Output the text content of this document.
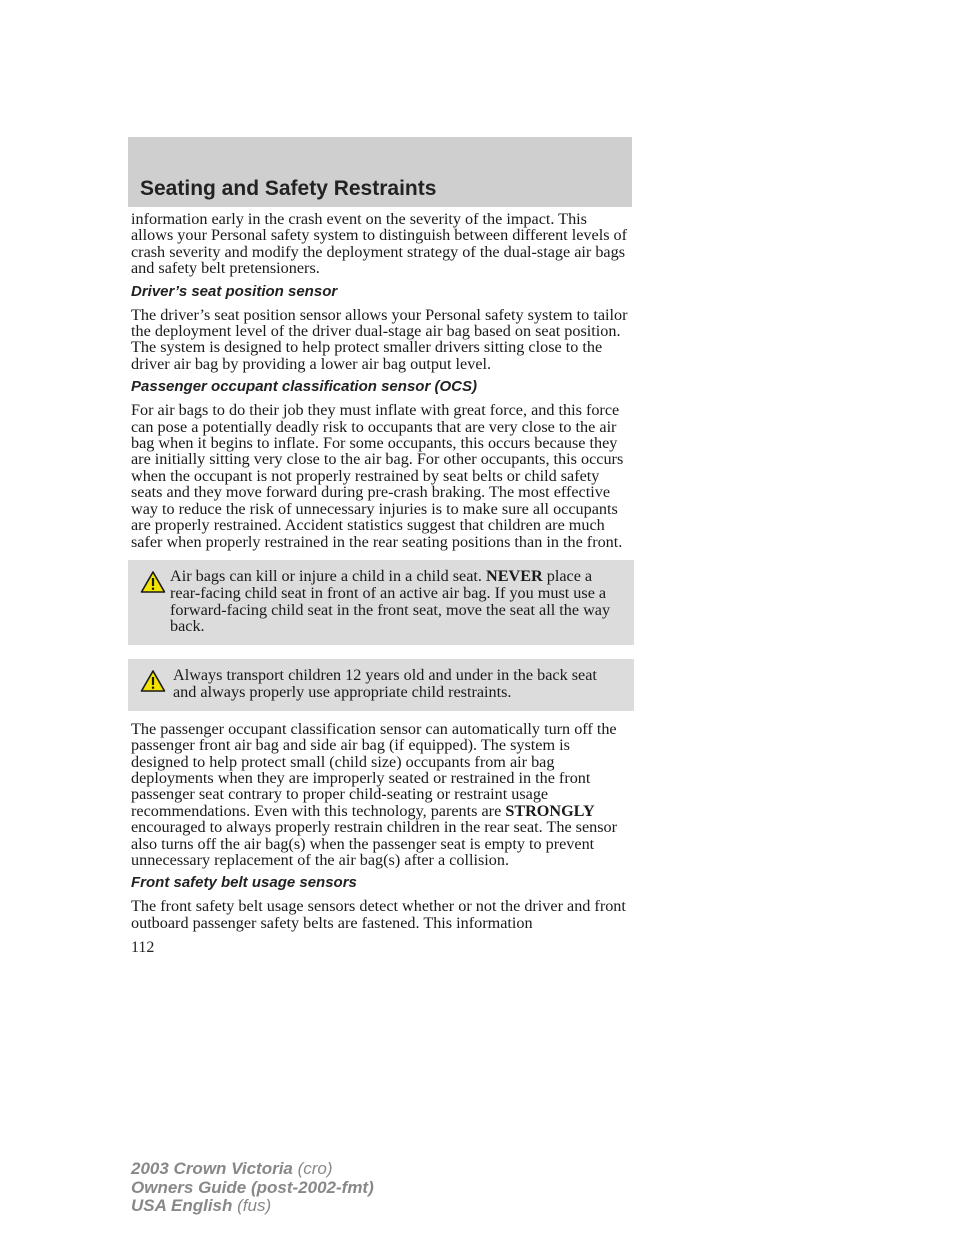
Seating and Safety Restraints

information early in the crash event on the severity of the impact. This allows your Personal safety system to distinguish between different levels of crash severity and modify the deployment strategy of the dual-stage air bags and safety belt pretensioners.

Driver’s seat position sensor

The driver’s seat position sensor allows your Personal safety system to tailor the deployment level of the driver dual-stage air bag based on seat position. The system is designed to help protect smaller drivers sitting close to the driver air bag by providing a lower air bag output level.

Passenger occupant classification sensor (OCS)

For air bags to do their job they must inflate with great force, and this force can pose a potentially deadly risk to occupants that are very close to the air bag when it begins to inflate. For some occupants, this occurs because they are initially sitting very close to the air bag. For other occupants, this occurs when the occupant is not properly restrained by seat belts or child safety seats and they move forward during pre-crash braking. The most effective way to reduce the risk of unnecessary injuries is to make sure all occupants are properly restrained. Accident statistics suggest that children are much safer when properly restrained in the rear seating positions than in the front.

Air bags can kill or injure a child in a child seat. NEVER place a rear-facing child seat in front of an active air bag. If you must use a forward-facing child seat in the front seat, move the seat all the way back.
Always transport children 12 years old and under in the back seat and always properly use appropriate child restraints.

The passenger occupant classification sensor can automatically turn off the passenger front air bag and side air bag (if equipped). The system is designed to help protect small (child size) occupants from air bag deployments when they are improperly seated or restrained in the front passenger seat contrary to proper child-seating or restraint usage recommendations. Even with this technology, parents are STRONGLY encouraged to always properly restrain children in the rear seat. The sensor also turns off the air bag(s) when the passenger seat is empty to prevent unnecessary replacement of the air bag(s) after a collision.

Front safety belt usage sensors

The front safety belt usage sensors detect whether or not the driver and front outboard passenger safety belts are fastened. This information

112
2003 Crown Victoria (cro)
Owners Guide (post-2002-fmt)
USA English (fus)
